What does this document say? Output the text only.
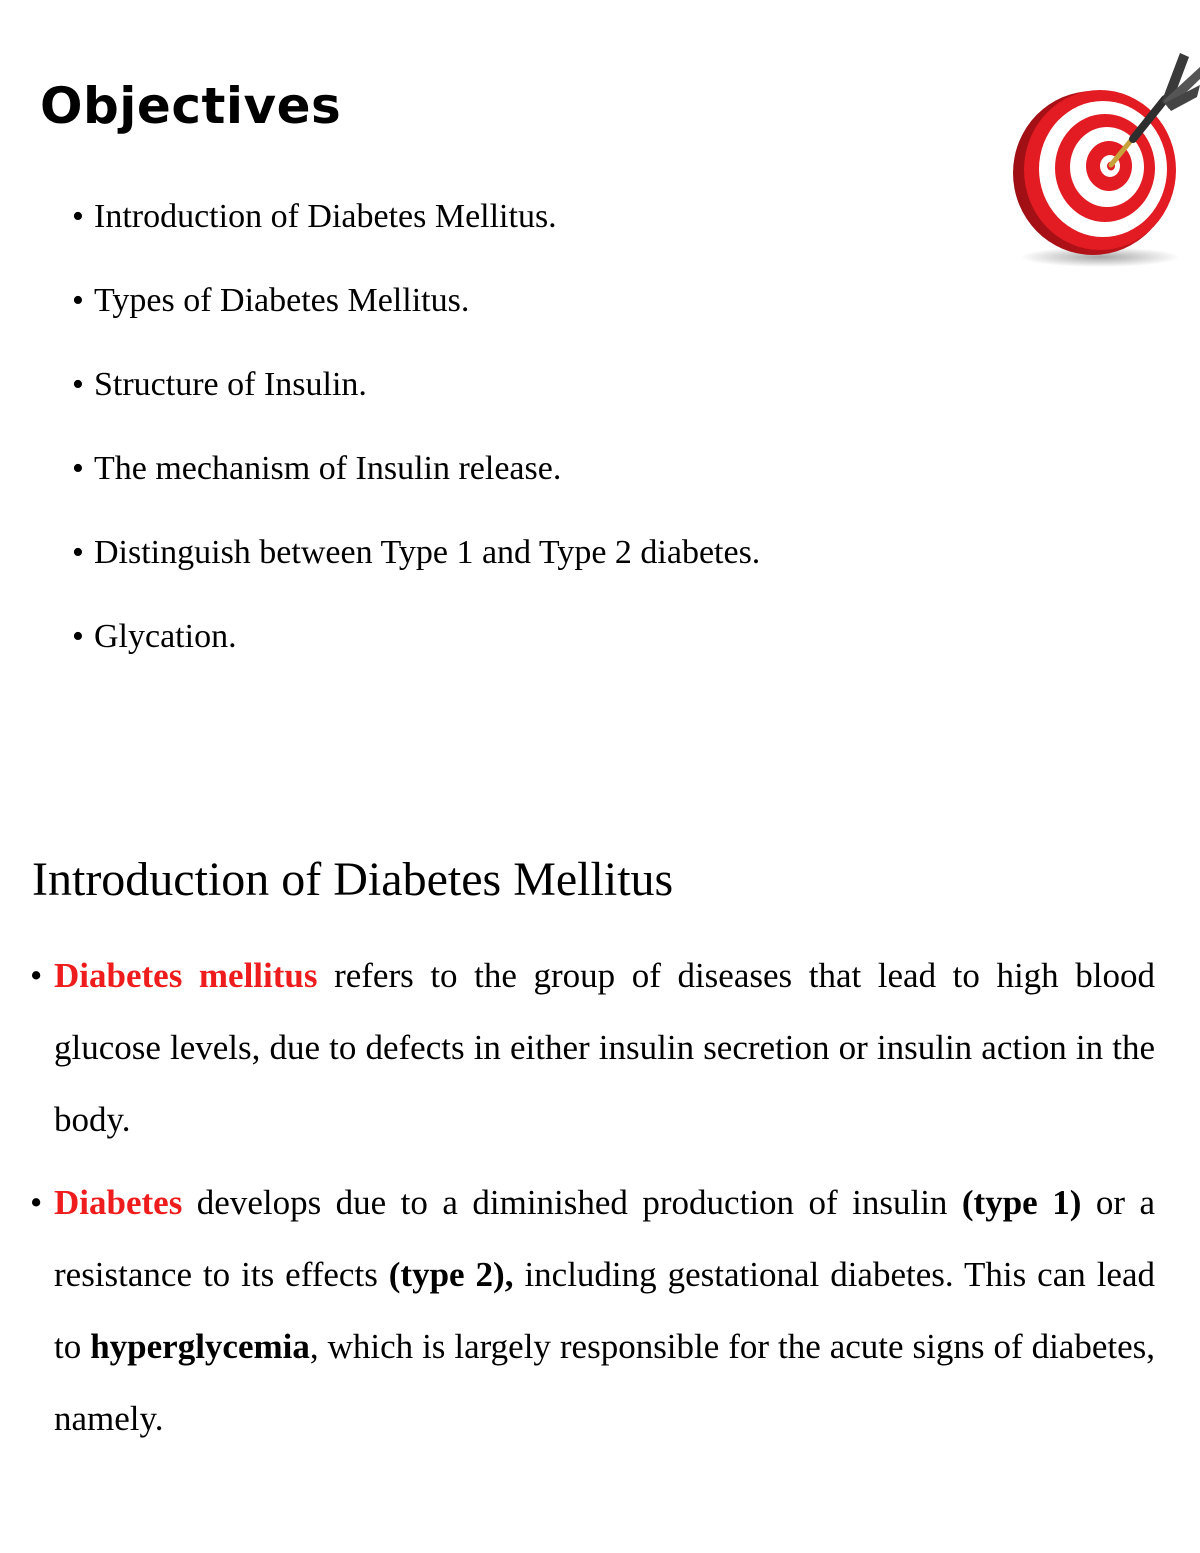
Objectives
• Introduction of Diabetes Mellitus.
• Types of Diabetes Mellitus.
• Structure of Insulin.
• The mechanism of Insulin release.
• Distinguish between Type 1 and Type 2 diabetes.
• Glycation.
Introduction of Diabetes Mellitus

• Diabetes mellitus refers to the group of diseases that lead to high blood glucose levels, due to defects in either insulin secretion or insulin action in the body.

• Diabetes develops due to a diminished production of insulin (type 1) or a resistance to its effects (type 2), including gestational diabetes. This can lead to hyperglycemia, which is largely responsible for the acute signs of diabetes, namely.
